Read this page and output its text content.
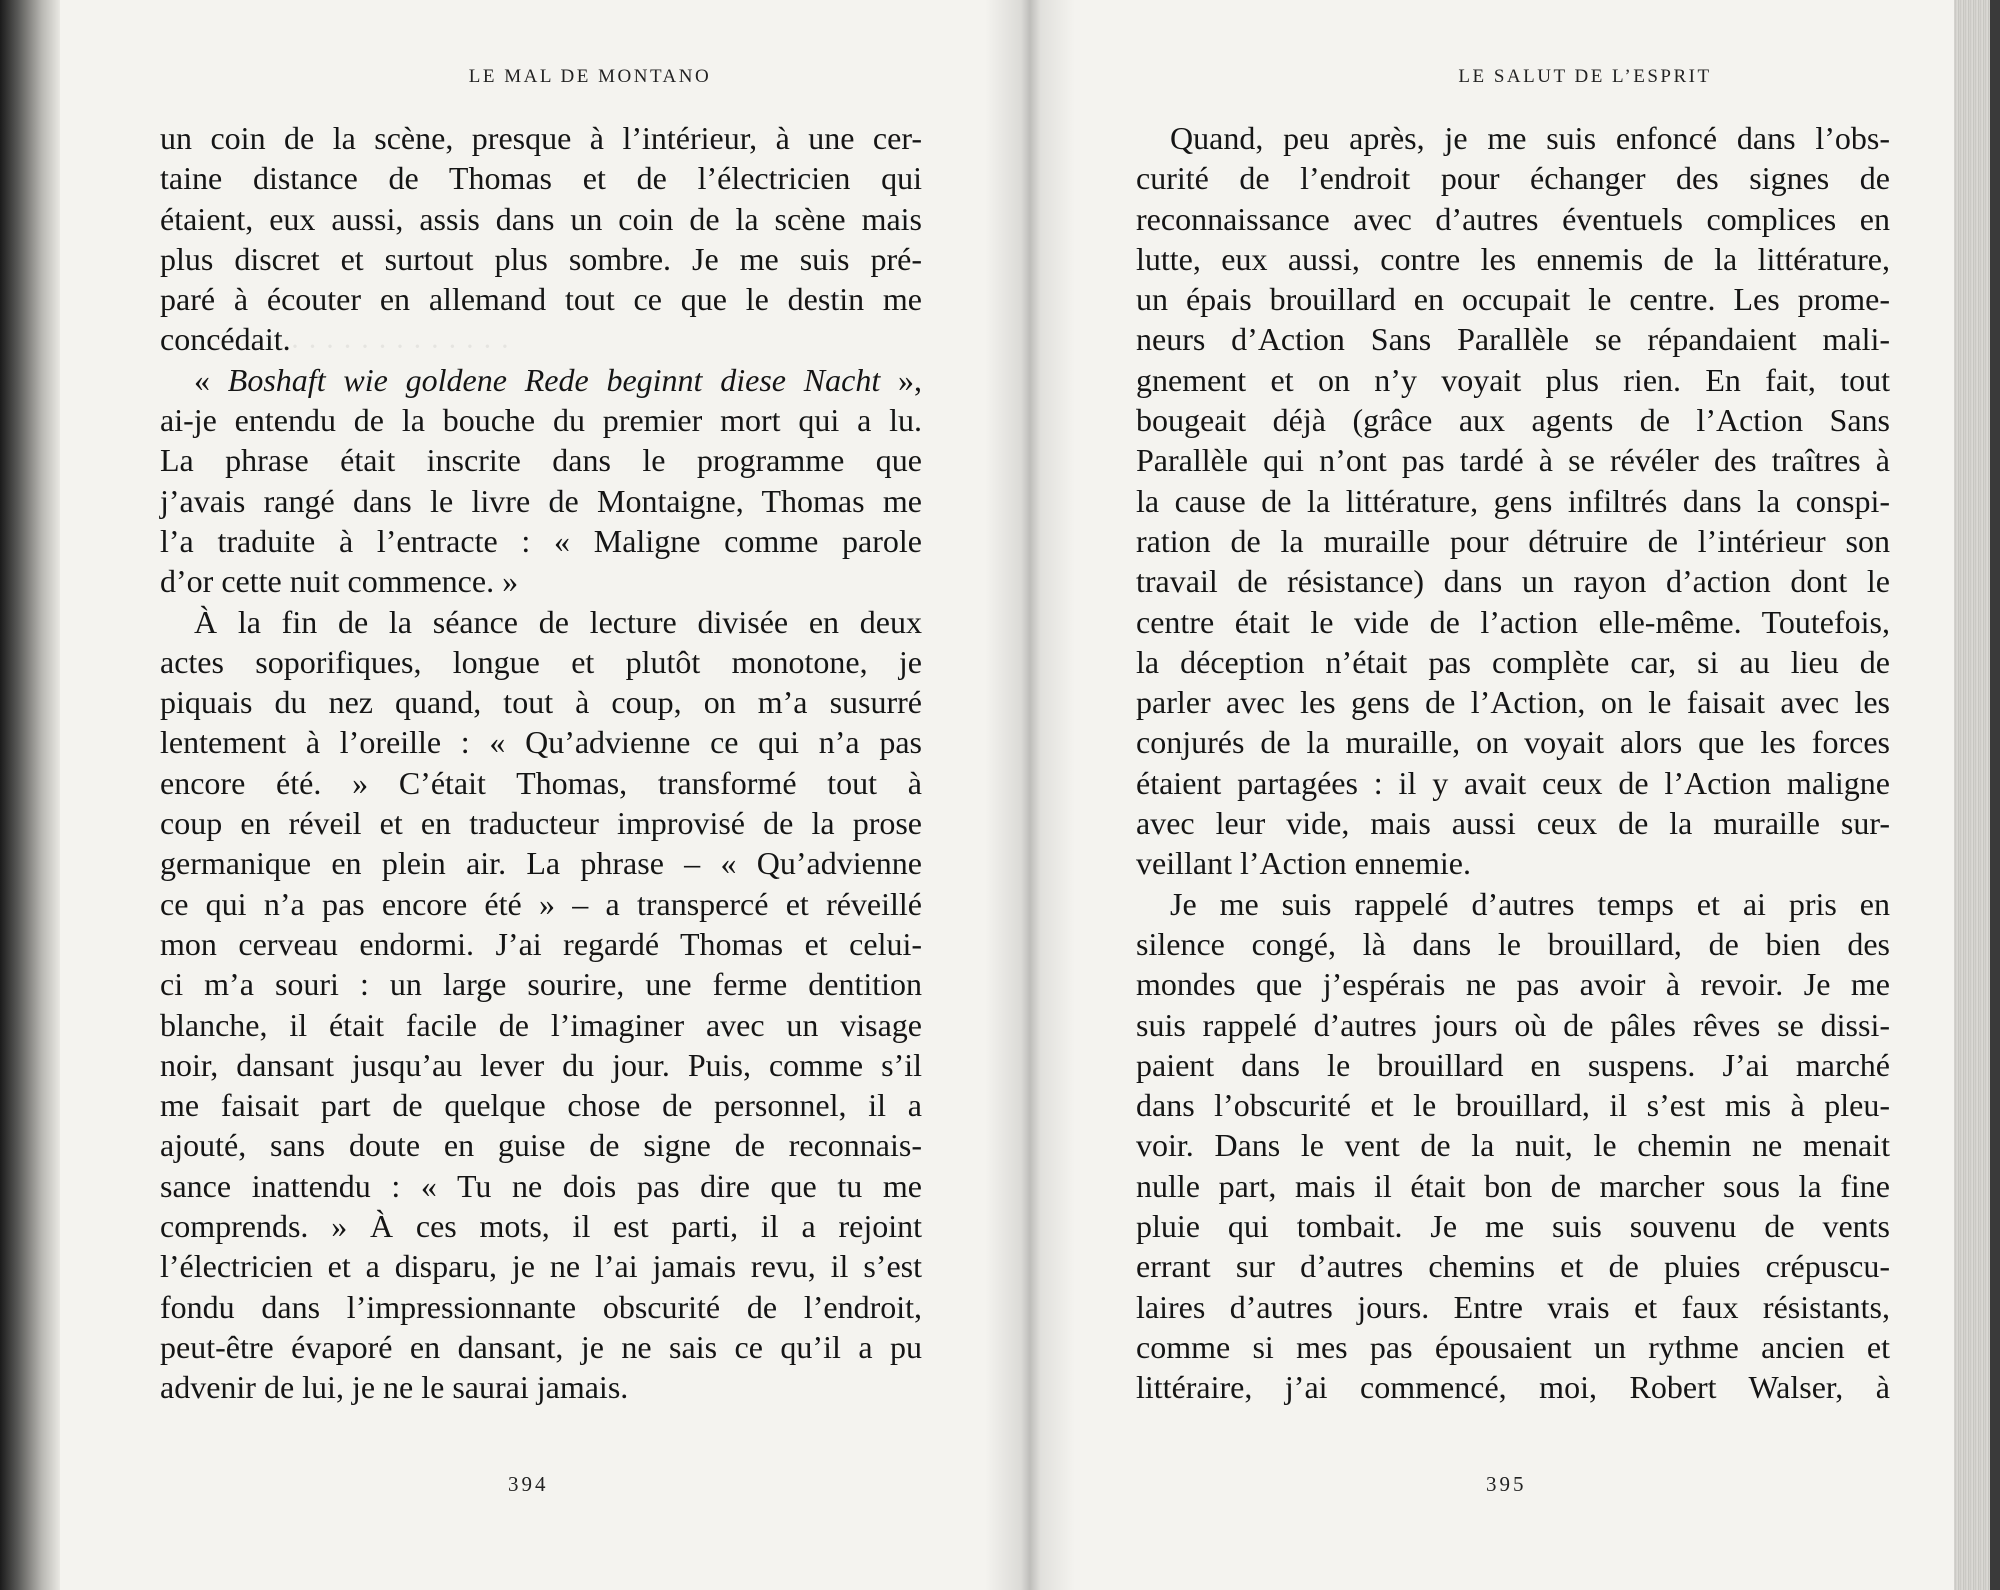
· · · · · · · · · · · · ·
LE MAL DE MONTANO
un coin de la scène, presque à l’intérieur, à une cer-
taine distance de Thomas et de l’électricien qui
étaient, eux aussi, assis dans un coin de la scène mais
plus discret et surtout plus sombre. Je me suis pré-
paré à écouter en allemand tout ce que le destin me
concédait.
« Boshaft wie goldene Rede beginnt diese Nacht »,
ai-je entendu de la bouche du premier mort qui a lu.
La phrase était inscrite dans le programme que
j’avais rangé dans le livre de Montaigne, Thomas me
l’a traduite à l’entracte : « Maligne comme parole
d’or cette nuit commence. »
À la fin de la séance de lecture divisée en deux
actes soporifiques, longue et plutôt monotone, je
piquais du nez quand, tout à coup, on m’a susurré
lentement à l’oreille : « Qu’advienne ce qui n’a pas
encore été. » C’était Thomas, transformé tout à
coup en réveil et en traducteur improvisé de la prose
germanique en plein air. La phrase – « Qu’advienne
ce qui n’a pas encore été » – a transpercé et réveillé
mon cerveau endormi. J’ai regardé Thomas et celui-
ci m’a souri : un large sourire, une ferme dentition
blanche, il était facile de l’imaginer avec un visage
noir, dansant jusqu’au lever du jour. Puis, comme s’il
me faisait part de quelque chose de personnel, il a
ajouté, sans doute en guise de signe de reconnais-
sance inattendu : « Tu ne dois pas dire que tu me
comprends. » À ces mots, il est parti, il a rejoint
l’électricien et a disparu, je ne l’ai jamais revu, il s’est
fondu dans l’impressionnante obscurité de l’endroit,
peut-être évaporé en dansant, je ne sais ce qu’il a pu
advenir de lui, je ne le saurai jamais.
394
LE SALUT DE L’ESPRIT
Quand, peu après, je me suis enfoncé dans l’obs-
curité de l’endroit pour échanger des signes de
reconnaissance avec d’autres éventuels complices en
lutte, eux aussi, contre les ennemis de la littérature,
un épais brouillard en occupait le centre. Les prome-
neurs d’Action Sans Parallèle se répandaient mali-
gnement et on n’y voyait plus rien. En fait, tout
bougeait déjà (grâce aux agents de l’Action Sans
Parallèle qui n’ont pas tardé à se révéler des traîtres à
la cause de la littérature, gens infiltrés dans la conspi-
ration de la muraille pour détruire de l’intérieur son
travail de résistance) dans un rayon d’action dont le
centre était le vide de l’action elle-même. Toutefois,
la déception n’était pas complète car, si au lieu de
parler avec les gens de l’Action, on le faisait avec les
conjurés de la muraille, on voyait alors que les forces
étaient partagées : il y avait ceux de l’Action maligne
avec leur vide, mais aussi ceux de la muraille sur-
veillant l’Action ennemie.
Je me suis rappelé d’autres temps et ai pris en
silence congé, là dans le brouillard, de bien des
mondes que j’espérais ne pas avoir à revoir. Je me
suis rappelé d’autres jours où de pâles rêves se dissi-
paient dans le brouillard en suspens. J’ai marché
dans l’obscurité et le brouillard, il s’est mis à pleu-
voir. Dans le vent de la nuit, le chemin ne menait
nulle part, mais il était bon de marcher sous la fine
pluie qui tombait. Je me suis souvenu de vents
errant sur d’autres chemins et de pluies crépuscu-
laires d’autres jours. Entre vrais et faux résistants,
comme si mes pas épousaient un rythme ancien et
littéraire, j’ai commencé, moi, Robert Walser, à
395
